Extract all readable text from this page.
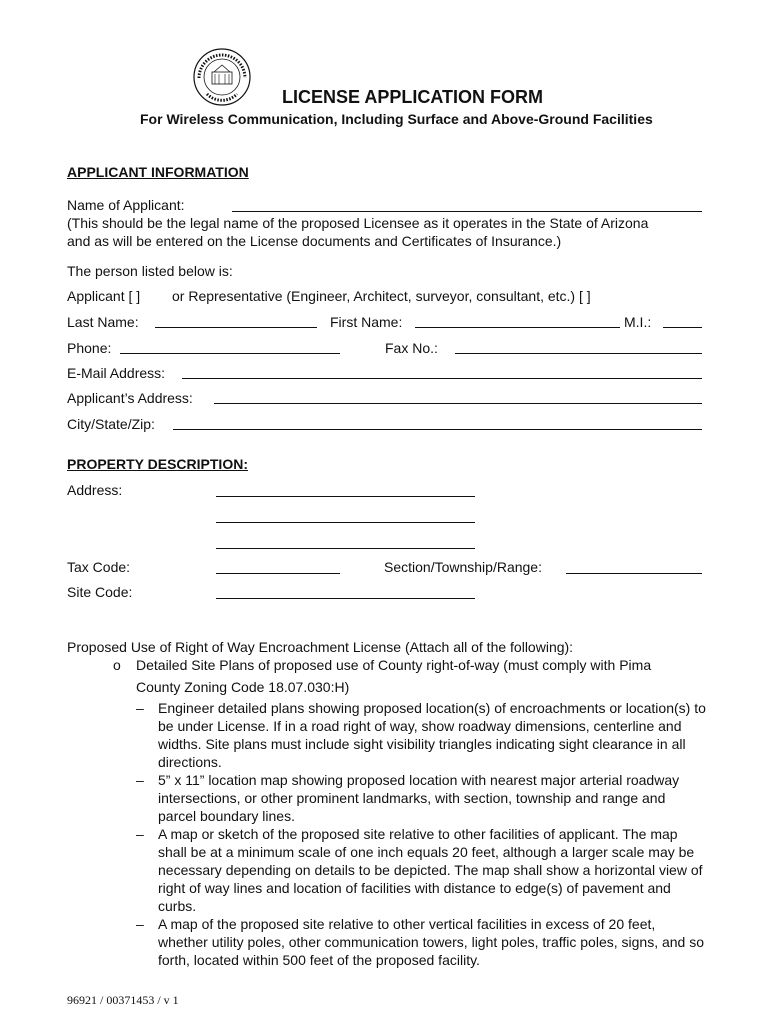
LICENSE APPLICATION FORM
For Wireless Communication, Including Surface and Above-Ground Facilities
APPLICANT INFORMATION
Name of Applicant:
(This should be the legal name of the proposed Licensee as it operates in the State of Arizona
and as will be entered on the License documents and Certificates of Insurance.)
The person listed below is:
Applicant [ ] or Representative (Engineer, Architect, surveyor, consultant, etc.) [ ]
Last Name:	First Name:	M.I.:
Phone:	Fax No.:
E-Mail Address:
Applicant’s Address:
City/State/Zip:
PROPERTY DESCRIPTION:
Address:
Tax Code:	Section/Township/Range:
Site Code:
Proposed Use of Right of Way Encroachment License (Attach all of the following):
o Detailed Site Plans of proposed use of County right-of-way (must comply with Pima
County Zoning Code 18.07.030:H)
– Engineer detailed plans showing proposed location(s) of encroachments or location(s) to be under License. If in a road right of way, show roadway dimensions, centerline and widths. Site plans must include sight visibility triangles indicating sight clearance in all directions.
– 5” x 11” location map showing proposed location with nearest major arterial roadway intersections, or other prominent landmarks, with section, township and range and parcel boundary lines.
– A map or sketch of the proposed site relative to other facilities of applicant. The map shall be at a minimum scale of one inch equals 20 feet, although a larger scale may be necessary depending on details to be depicted. The map shall show a horizontal view of right of way lines and location of facilities with distance to edge(s) of pavement and curbs.
– A map of the proposed site relative to other vertical facilities in excess of 20 feet, whether utility poles, other communication towers, light poles, traffic poles, signs, and so forth, located within 500 feet of the proposed facility.
96921 / 00371453 / v 1
